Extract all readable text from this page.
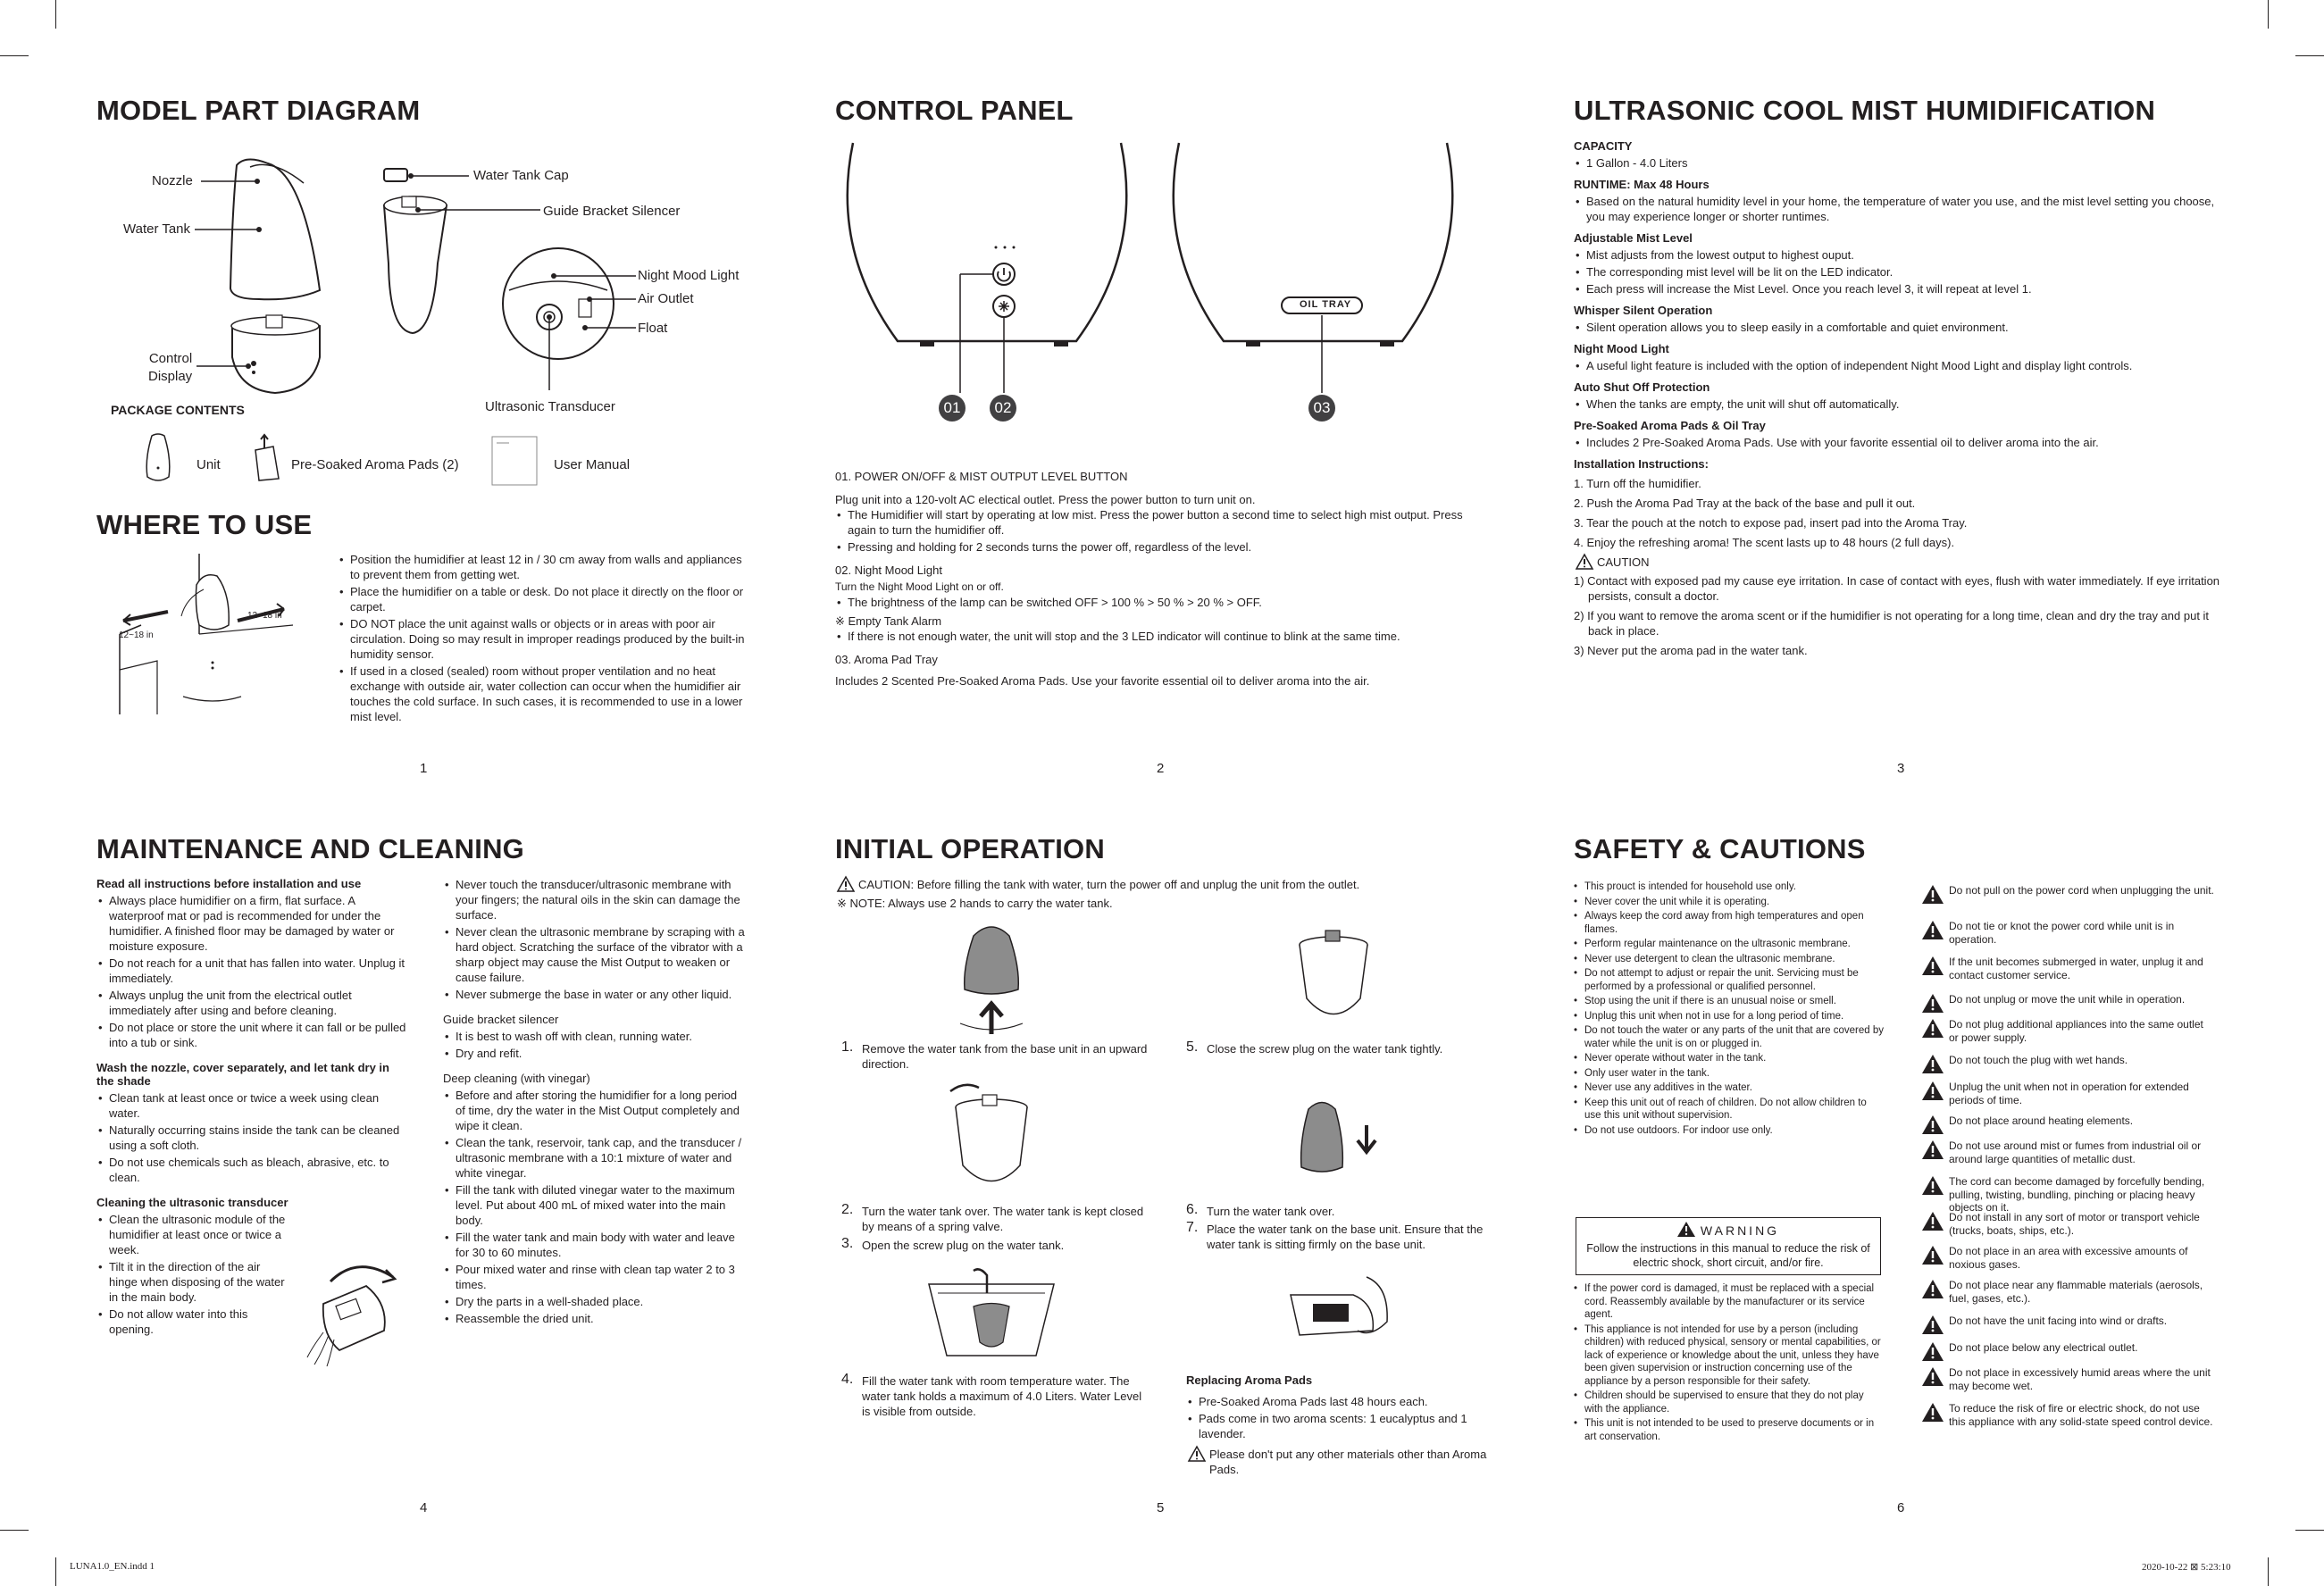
MODEL PART DIAGRAM
Nozzle
Water Tank
Control
Display
Water Tank Cap
Guide Bracket Silencer
Night Mood Light
Air Outlet
Float
Ultrasonic Transducer
PACKAGE CONTENTS
Unit	Pre-Soaked Aroma Pads (2)	User Manual
WHERE TO USE
12~18 in
12~18 in
• Position the humidifier at least 12 in / 30 cm away from walls and appliances to prevent them from getting wet.
• Place the humidifier on a table or desk. Do not place it directly on the floor or carpet.
• DO NOT place the unit against walls or objects or in areas with poor air circulation. Doing so may result in improper readings produced by the built-in humidity sensor.
• If used in a closed (sealed) room without proper ventilation and no heat exchange with outside air, water collection can occur when the humidifier air touches the cold surface. In such cases, it is recommended to use in a lower mist level.
1
CONTROL PANEL
OIL TRAY
01	02	03
01. POWER ON/OFF & MIST OUTPUT LEVEL BUTTON
Plug unit into a 120-volt AC electical outlet. Press the power button to turn unit on.
• The Humidifier will start by operating at low mist. Press the power button a second time to select high mist output. Press again to turn the humidifier off.
• Pressing and holding for 2 seconds turns the power off, regardless of the level.
02. Night Mood Light
Turn the Night Mood Light on or off.
• The brightness of the lamp can be switched OFF > 100 % > 50 % > 20 % > OFF.
※ Empty Tank Alarm
• If there is not enough water, the unit will stop and the 3 LED indicator will continue to blink at the same time.
03. Aroma Pad Tray
Includes 2 Scented Pre-Soaked Aroma Pads. Use your favorite essential oil to deliver aroma into the air.
2
ULTRASONIC COOL MIST HUMIDIFICATION
CAPACITY
• 1 Gallon - 4.0 Liters
RUNTIME: Max 48 Hours
• Based on the natural humidity level in your home, the temperature of water you use, and the mist level setting you choose, you may experience longer or shorter runtimes.
Adjustable Mist Level
• Mist adjusts from the lowest output to highest ouput.
• The corresponding mist level will be lit on the LED indicator.
• Each press will increase the Mist Level. Once you reach level 3, it will repeat at level 1.
Whisper Silent Operation
• Silent operation allows you to sleep easily in a comfortable and quiet environment.
Night Mood Light
• A useful light feature is included with the option of independent Night Mood Light and display light controls.
Auto Shut Off Protection
• When the tanks are empty, the unit will shut off automatically.
Pre-Soaked Aroma Pads & Oil Tray
• Includes 2 Pre-Soaked Aroma Pads. Use with your favorite essential oil to deliver aroma into the air.
Installation Instructions:
1. Turn off the humidifier.
2. Push the Aroma Pad Tray at the back of the base and pull it out.
3. Tear the pouch at the notch to expose pad, insert pad into the Aroma Tray.
4. Enjoy the refreshing aroma! The scent lasts up to 48 hours (2 full days).
CAUTION
1) Contact with exposed pad my cause eye irritation. In case of contact with eyes, flush with water immediately. If eye irritation persists, consult a doctor.
2) If you want to remove the aroma scent or if the humidifier is not operating for a long time, clean and dry the tray and put it back in place.
3) Never put the aroma pad in the water tank.
3
MAINTENANCE AND CLEANING
Read all instructions before installation and use
• Always place humidifier on a firm, flat surface. A waterproof mat or pad is recommended for under the humidifier. A finished floor may be damaged by water or moisture exposure.
• Do not reach for a unit that has fallen into water. Unplug it immediately.
• Always unplug the unit from the electrical outlet immediately after using and before cleaning.
• Do not place or store the unit where it can fall or be pulled into a tub or sink.
Wash the nozzle, cover separately, and let tank dry in the shade
• Clean tank at least once or twice a week using clean water.
• Naturally occurring stains inside the tank can be cleaned using a soft cloth.
• Do not use chemicals such as bleach, abrasive, etc. to clean.
Cleaning the ultrasonic transducer
• Clean the ultrasonic module of the humidifier at least once or twice a week.
• Tilt it in the direction of the air hinge when disposing of the water in the main body.
• Do not allow water into this opening.
• Never touch the transducer/ultrasonic membrane with your fingers; the natural oils in the skin can damage the surface.
• Never clean the ultrasonic membrane by scraping with a hard object. Scratching the surface of the vibrator with a sharp object may cause the Mist Output to weaken or cause failure.
• Never submerge the base in water or any other liquid.
Guide bracket silencer
• It is best to wash off with clean, running water.
• Dry and refit.
Deep cleaning (with vinegar)
• Before and after storing the humidifier for a long period of time, dry the water in the Mist Output completely and wipe it clean.
• Clean the tank, reservoir, tank cap, and the transducer / ultrasonic membrane with a 10:1 mixture of water and white vinegar.
• Fill the tank with diluted vinegar water to the maximum level. Put about 400 mL of mixed water into the main body.
• Fill the water tank and main body with water and leave for 30 to 60 minutes.
• Pour mixed water and rinse with clean tap water 2 to 3 times.
• Dry the parts in a well-shaded place.
• Reassemble the dried unit.
4
INITIAL OPERATION
CAUTION: Before filling the tank with water, turn the power off and unplug the unit from the outlet.
※ NOTE: Always use 2 hands to carry the water tank.
1. Remove the water tank from the base unit in an upward direction.
5. Close the screw plug on the water tank tightly.
2. Turn the water tank over. The water tank is kept closed by means of a spring valve.
3. Open the screw plug on the water tank.
6. Turn the water tank over.
7. Place the water tank on the base unit. Ensure that the water tank is sitting firmly on the base unit.
4. Fill the water tank with room temperature water. The water tank holds a maximum of 4.0 Liters. Water Level is visible from outside.
Replacing Aroma Pads
• Pre-Soaked Aroma Pads last 48 hours each.
• Pads come in two aroma scents: 1 eucalyptus and 1 lavender.
Please don't put any other materials other than Aroma Pads.
5
SAFETY & CAUTIONS
• This prouct is intended for household use only.
• Never cover the unit while it is operating.
• Always keep the cord away from high temperatures and open flames.
• Perform regular maintenance on the ultrasonic membrane.
• Never use detergent to clean the ultrasonic membrane.
• Do not attempt to adjust or repair the unit. Servicing must be performed by a professional or qualified personnel.
• Stop using the unit if there is an unusual noise or smell.
• Unplug this unit when not in use for a long period of time.
• Do not touch the water or any parts of the unit that are covered by water while the unit is on or plugged in.
• Never operate without water in the tank.
• Only user water in the tank.
• Never use any additives in the water.
• Keep this unit out of reach of children. Do not allow children to use this unit without supervision.
• Do not use outdoors. For indoor use only.
WARNING
Follow the instructions in this manual to reduce the risk of electric shock, short circuit, and/or fire.
• If the power cord is damaged, it must be replaced with a special cord. Reassembly available by the manufacturer or its service agent.
• This appliance is not intended for use by a person (including children) with reduced physical, sensory or mental capabilities, or lack of experience or knowledge about the unit, unless they have been given supervision or instruction concerning use of the appliance by a person responsible for their safety.
• Children should be supervised to ensure that they do not play with the appliance.
• This unit is not intended to be used to preserve documents or in art conservation.
Do not pull on the power cord when unplugging the unit.
Do not tie or knot the power cord while unit is in operation.
If the unit becomes submerged in water, unplug it and contact customer service.
Do not unplug or move the unit while in operation.
Do not plug additional appliances into the same outlet or power supply.
Do not touch the plug with wet hands.
Unplug the unit when not in operation for extended periods of time.
Do not place around heating elements.
Do not use around mist or fumes from industrial oil or around large quantities of metallic dust.
The cord can become damaged by forcefully bending, pulling, twisting, bundling, pinching or placing heavy objects on it.
Do not install in any sort of motor or transport vehicle (trucks, boats, ships, etc.).
Do not place in an area with excessive amounts of noxious gases.
Do not place near any flammable materials (aerosols, fuel, gases, etc.).
Do not have the unit facing into wind or drafts.
Do not place below any electrical outlet.
Do not place in excessively humid areas where the unit may become wet.
To reduce the risk of fire or electric shock, do not use this appliance with any solid-state speed control device.
6
LUNA1.0_EN.indd 1	2020-10-22 ⊠ 5:23:10
